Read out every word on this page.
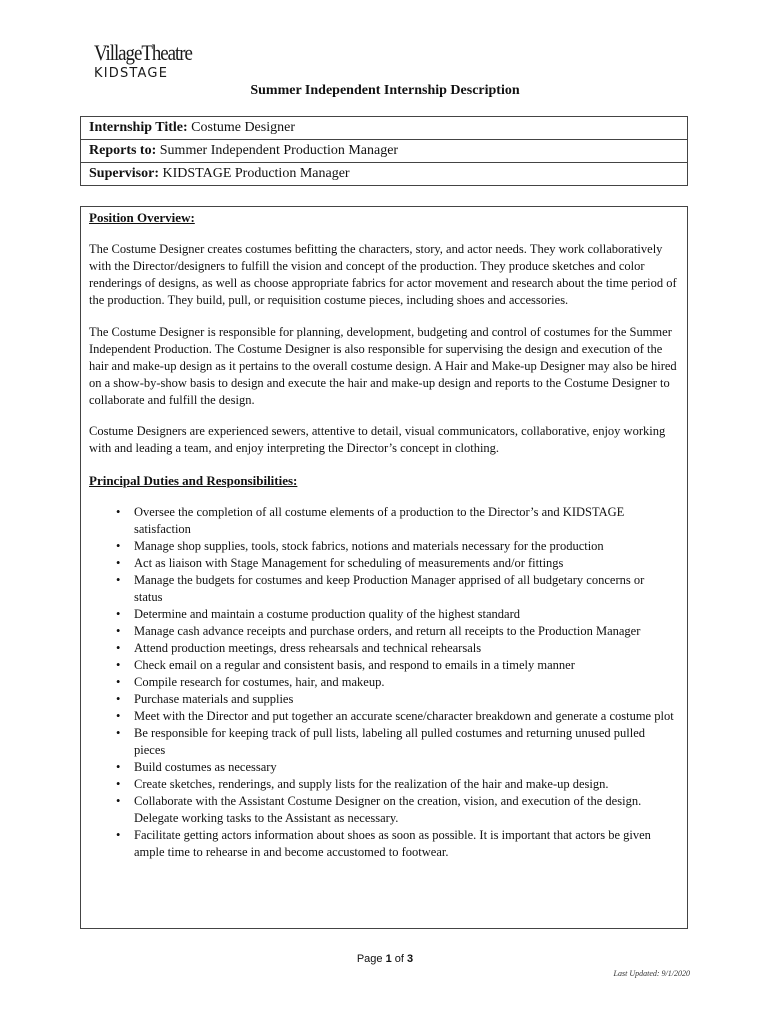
VillageTheatre
KIDSTAGE
Summer Independent Internship Description
Internship Title: Costume Designer
Reports to: Summer Independent Production Manager
Supervisor: KIDSTAGE Production Manager

Position Overview:

The Costume Designer creates costumes befitting the characters, story, and actor needs. They work collaboratively with the Director/designers to fulfill the vision and concept of the production. They produce sketches and color renderings of designs, as well as choose appropriate fabrics for actor movement and research about the time period of the production. They build, pull, or requisition costume pieces, including shoes and accessories.

The Costume Designer is responsible for planning, development, budgeting and control of costumes for the Summer Independent Production. The Costume Designer is also responsible for supervising the design and execution of the hair and make-up design as it pertains to the overall costume design. A Hair and Make-up Designer may also be hired on a show-by-show basis to design and execute the hair and make-up design and reports to the Costume Designer to collaborate and fulfill the design.

Costume Designers are experienced sewers, attentive to detail, visual communicators, collaborative, enjoy working with and leading a team, and enjoy interpreting the Director’s concept in clothing.

Principal Duties and Responsibilities:

• Oversee the completion of all costume elements of a production to the Director’s and KIDSTAGE satisfaction
• Manage shop supplies, tools, stock fabrics, notions and materials necessary for the production
• Act as liaison with Stage Management for scheduling of measurements and/or fittings
• Manage the budgets for costumes and keep Production Manager apprised of all budgetary concerns or status
• Determine and maintain a costume production quality of the highest standard
• Manage cash advance receipts and purchase orders, and return all receipts to the Production Manager
• Attend production meetings, dress rehearsals and technical rehearsals
• Check email on a regular and consistent basis, and respond to emails in a timely manner
• Compile research for costumes, hair, and makeup.
• Purchase materials and supplies
• Meet with the Director and put together an accurate scene/character breakdown and generate a costume plot
• Be responsible for keeping track of pull lists, labeling all pulled costumes and returning unused pulled pieces
• Build costumes as necessary
• Create sketches, renderings, and supply lists for the realization of the hair and make-up design.
• Collaborate with the Assistant Costume Designer on the creation, vision, and execution of the design. Delegate working tasks to the Assistant as necessary.
• Facilitate getting actors information about shoes as soon as possible. It is important that actors be given ample time to rehearse in and become accustomed to footwear.
Page 1 of 3
Last Updated: 9/1/2020
